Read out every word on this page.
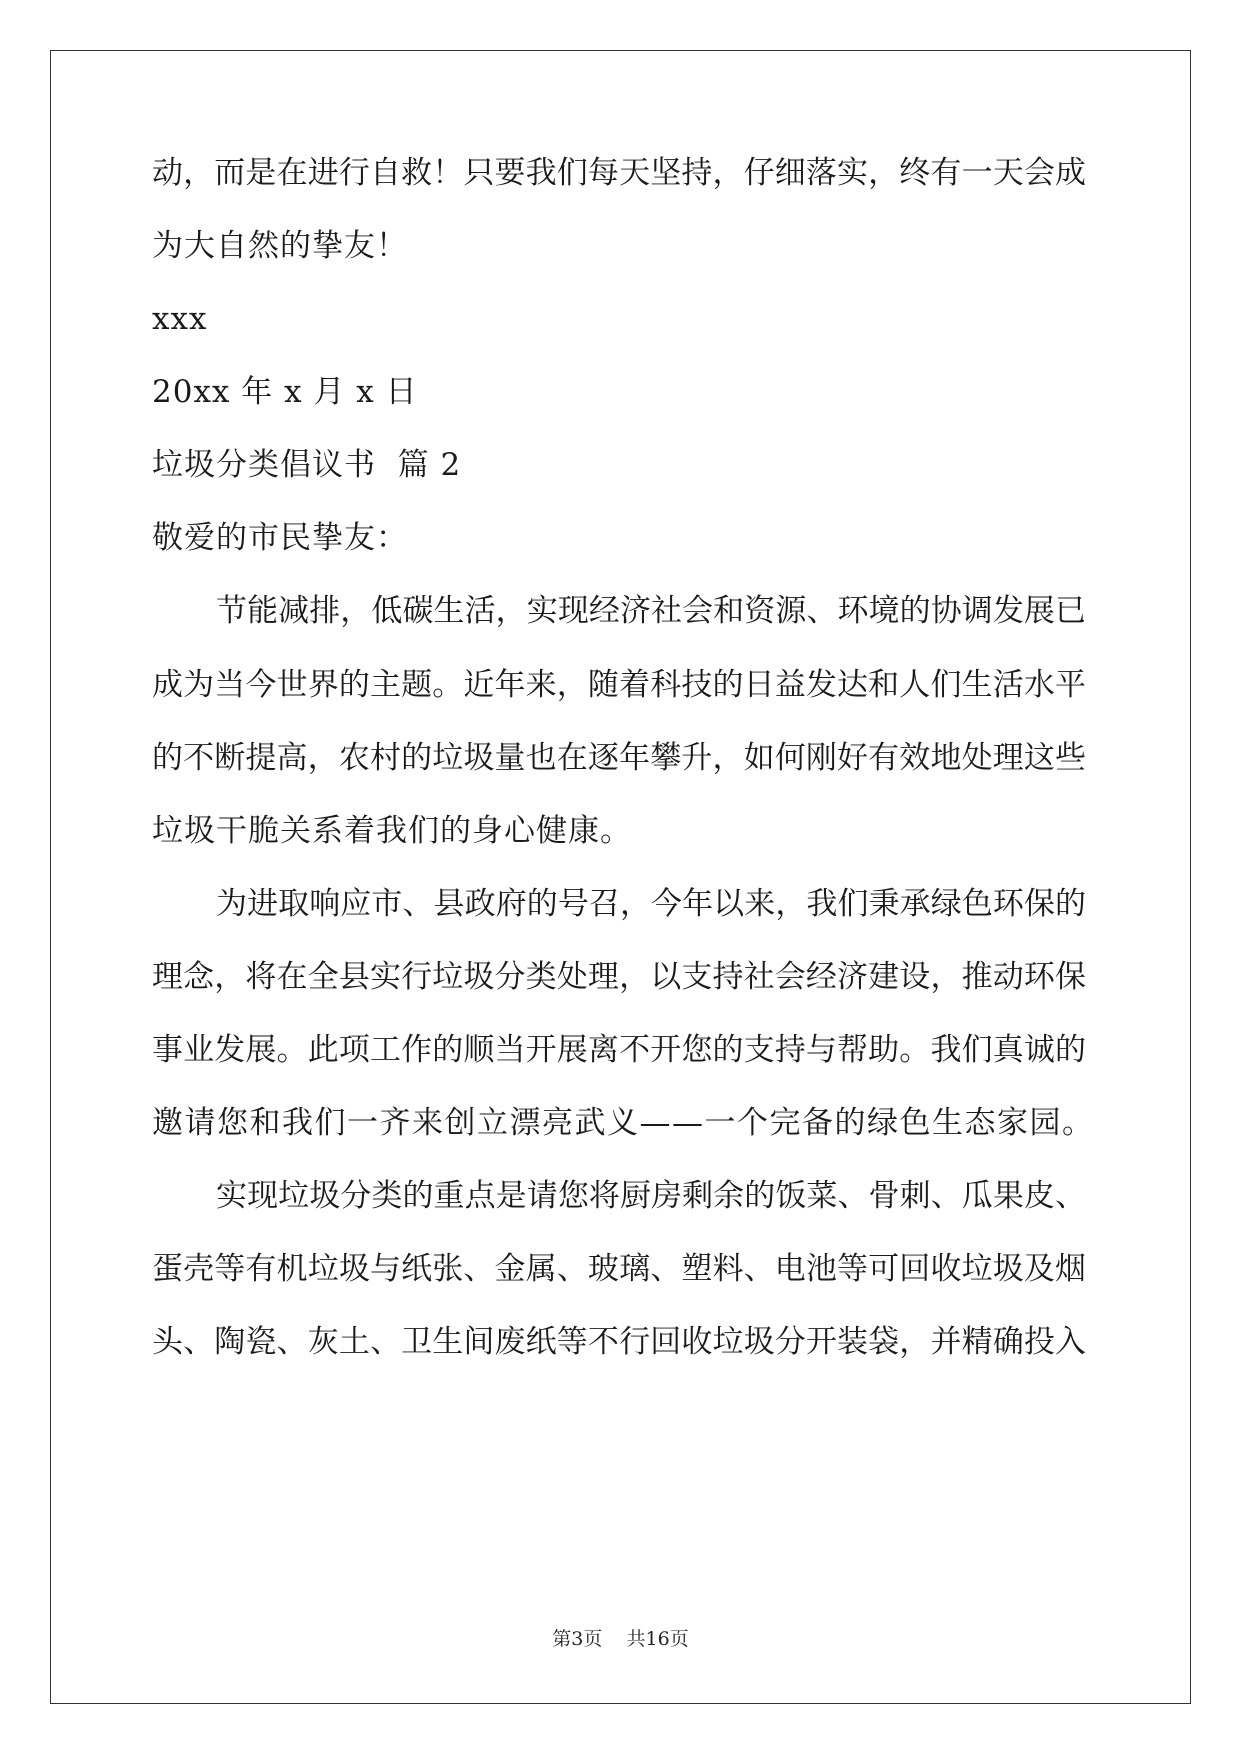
动，而是在进行自救！只要我们每天坚持，仔细落实，终有一天会成
为大自然的挚友！
xxx
20xx 年 x 月 x 日
垃圾分类倡议书  篇 2
敬爱的市民挚友：
节能减排，低碳生活，实现经济社会和资源、环境的协调发展已
成为当今世界的主题。近年来，随着科技的日益发达和人们生活水平
的不断提高，农村的垃圾量也在逐年攀升，如何刚好有效地处理这些
垃圾干脆关系着我们的身心健康。
为进取响应市、县政府的号召，今年以来，我们秉承绿色环保的
理念，将在全县实行垃圾分类处理，以支持社会经济建设，推动环保
事业发展。此项工作的顺当开展离不开您的支持与帮助。我们真诚的
邀请您和我们一齐来创立漂亮武义——一个完备的绿色生态家园。
实现垃圾分类的重点是请您将厨房剩余的饭菜、骨刺、瓜果皮、
蛋壳等有机垃圾与纸张、金属、玻璃、塑料、电池等可回收垃圾及烟
头、陶瓷、灰土、卫生间废纸等不行回收垃圾分开装袋，并精确投入
第3页 共16页
